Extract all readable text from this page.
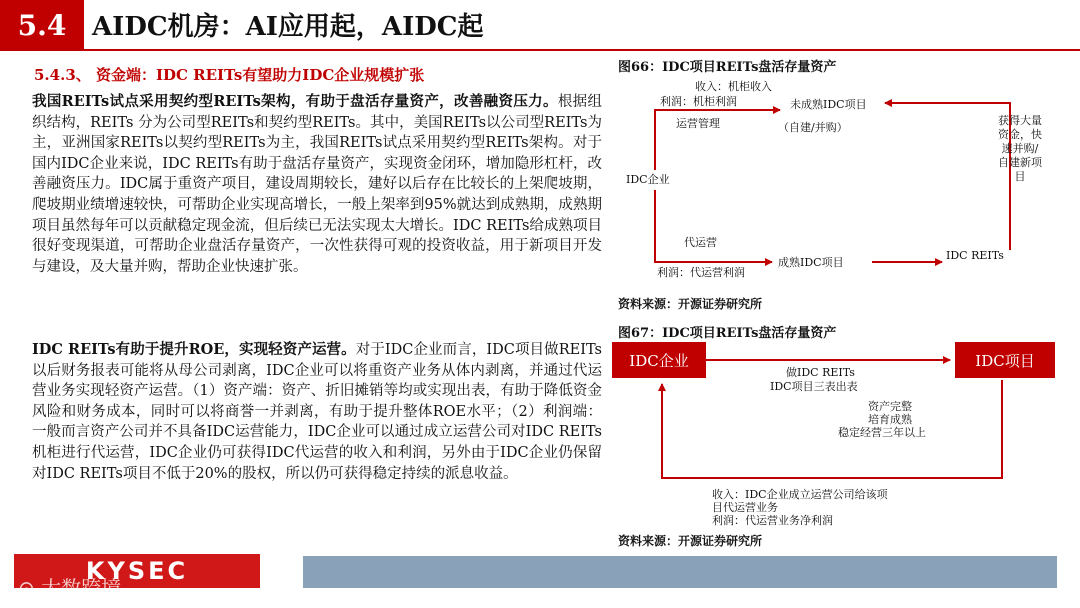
5.4 AIDC机房：AI应用起，AIDC起
5.4.3、 资金端：IDC REITs有望助力IDC企业规模扩张
我国REITs试点采用契约型REITs架构，有助于盘活存量资产，改善融资压力。根据组织结构，REITs 分为公司型REITs和契约型REITs。其中，美国REITs以公司型REITs为主，亚洲国家REITs以契约型REITs为主，我国REITs试点采用契约型REITs架构。对于国内IDC企业来说，IDC REITs有助于盘活存量资产，实现资金闭环，增加隐形杠杆，改善融资压力。IDC属于重资产项目，建设周期较长，建好以后存在比较长的上架爬坡期，爬坡期业绩增速较快，可帮助企业实现高增长，一般上架率到95%就达到成熟期，成熟期项目虽然每年可以贡献稳定现金流，但后续已无法实现太大增长。IDC REITs给成熟项目很好变现渠道，可帮助企业盘活存量资产，一次性获得可观的投资收益，用于新项目开发与建设，及大量并购，帮助企业快速扩张。
IDC REITs有助于提升ROE，实现轻资产运营。对于IDC企业而言，IDC项目做REITs以后财务报表可能将从母公司剥离，IDC企业可以将重资产业务从体内剥离，并通过代运营业务实现轻资产运营。（1）资产端：资产、折旧摊销等均或实现出表，有助于降低资金风险和财务成本，同时可以将商誉一并剥离，有助于提升整体ROE水平；（2）利润端：一般而言资产公司并不具备IDC运营能力，IDC企业可以通过成立运营公司对IDC REITs机柜进行代运营，IDC企业仍可获得IDC代运营的收入和利润，另外由于IDC企业仍保留对IDC REITs项目不低于20%的股权，所以仍可获得稳定持续的派息收益。
图66：IDC项目REITs盘活存量资产
收入：机柜收入
利润：机柜利润	未成熟IDC项目
（自建/并购）
运营管理
IDC企业
代运营
利润：代运营利润
成熟IDC项目
IDC REITs
获得大量
资金，快
速并购/
自建新项
目
资料来源：开源证券研究所
图67：IDC项目REITs盘活存量资产
IDC企业	IDC项目
做IDC REITs
IDC项目三表出表
资产完整
培育成熟
稳定经营三年以上
收入：IDC企业成立运营公司给该项
目代运营业务
利润：代运营业务净利润
资料来源：开源证券研究所
KYSEC
⊙ 大数跨境
